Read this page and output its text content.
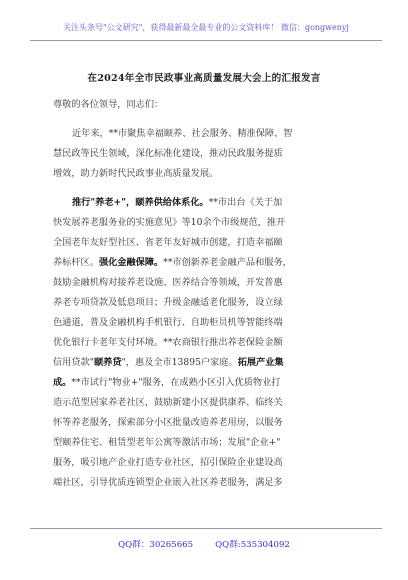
关注头条号"公文研究"，获得最新最全最专业的公文资料库！ 微信：gongwenyj
在2024年全市民政事业高质量发展大会上的汇报发言
尊敬的各位领导，同志们：
近年来，**市聚焦幸福颐养、社会服务、精准保障、智
慧民政等民生领域，深化标准化建设，推动民政服务提质
增效，助力新时代民政事业高质量发展。
推行"养老+"，颐养供给体系化。**市出台《关于加
快发展养老服务业的实施意见》等10余个市级规范，推开
全国老年友好型社区、省老年友好城市创建，打造幸福颐
养标杆区。强化金融保障。**市创新养老金融产品和服务，
鼓励金融机构对接养老设施、医养结合等领域，开发普惠
养老专项贷款及低息项目；升级金融适老化服务，设立绿
色通道，普及金融机构手机银行、自助柜员机等智能终端
优化银行卡老年支付环境。**农商银行推出养老保险金额
信用贷款"颐养贷"，惠及全市13895户家庭。拓展产业集
成。**市试行"物业+"服务，在成熟小区引入优质物业打
造示范型居家养老社区，鼓励新建小区提供康养、临终关
怀等养老服务，探索部分小区批量改造养老用房，以服务
型颐养住宅、租赁型老年公寓等激活市场；发展"企业+"
服务，吸引地产企业打造专业社区，招引保险企业建设高
端社区，引导优质连锁型企业嵌入社区养老服务，满足多
QQ群：30265665	QQ群:535304092
